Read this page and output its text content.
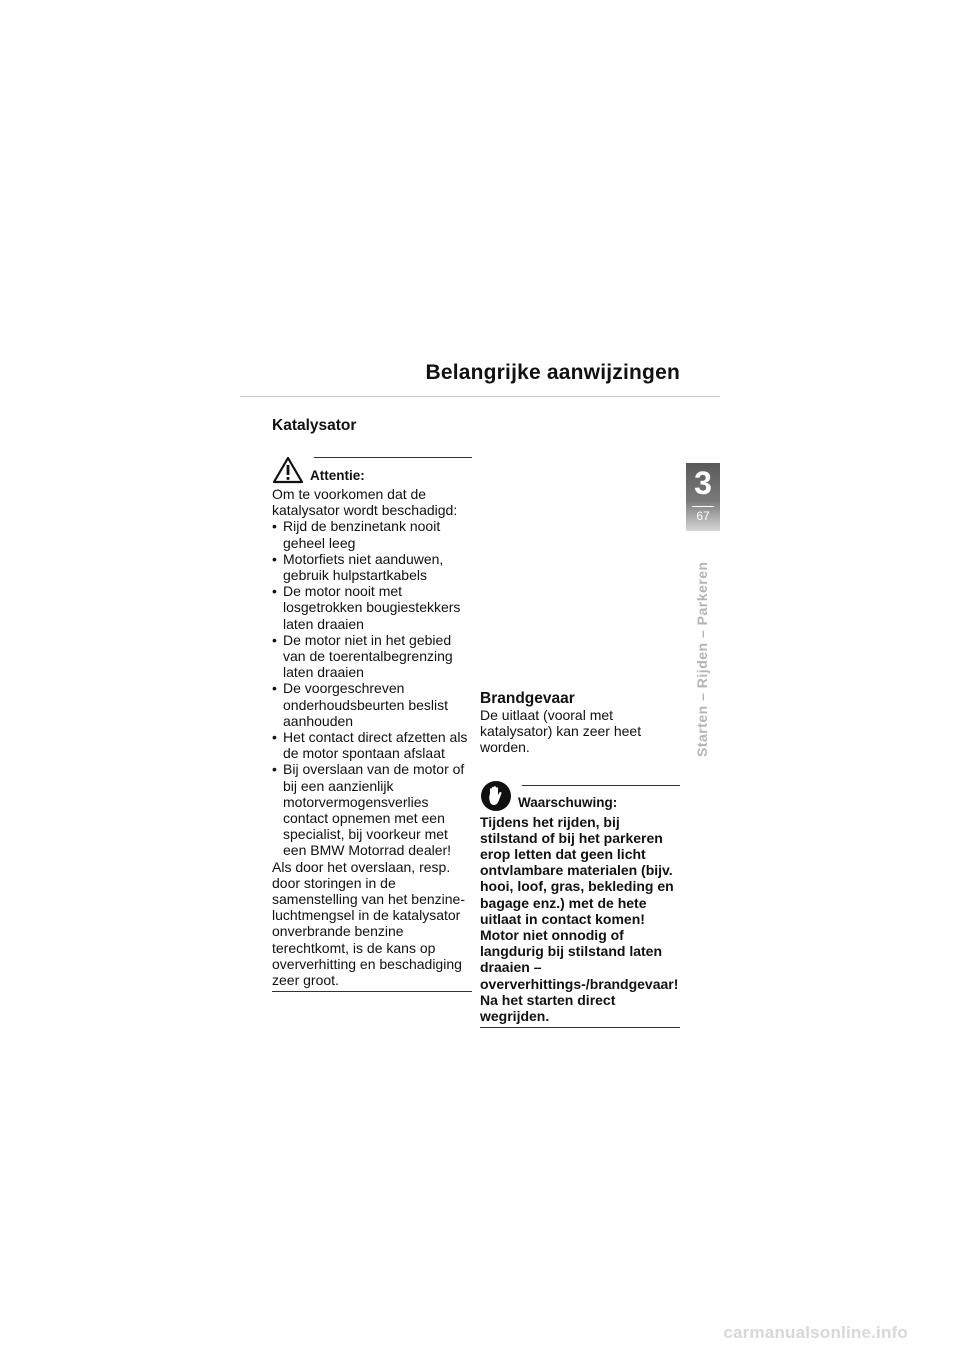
Belangrijke aanwijzingen
3
67
Starten – Rijden – Parkeren
Katalysator
Attentie:

Om te voorkomen dat de katalysator wordt beschadigd:

• Rijd de benzinetank nooit geheel leeg
• Motorfiets niet aanduwen, gebruik hulpstartkabels
• De motor nooit met losgetrokken bougiestekkers laten draaien
• De motor niet in het gebied van de toerentalbegrenzing laten draaien
• De voorgeschreven onderhoudsbeurten beslist aanhouden
• Het contact direct afzetten als de motor spontaan afslaat
• Bij overslaan van de motor of bij een aanzienlijk motorvermogensverlies contact opnemen met een specialist, bij voorkeur met een BMW Motorrad dealer!

Als door het overslaan, resp. door storingen in de samenstelling van het benzine-luchtmengsel in de katalysator onverbrande benzine terechtkomt, is de kans op oververhitting en beschadiging zeer groot.

Brandgevaar

De uitlaat (vooral met katalysator) kan zeer heet worden.

Waarschuwing:

Tijdens het rijden, bij stilstand of bij het parkeren erop letten dat geen licht ontvlambare materialen (bijv. hooi, loof, gras, bekleding en bagage enz.) met de hete uitlaat in contact komen!

Motor niet onnodig of langdurig bij stilstand laten draaien – oververhittings-/brandgevaar! Na het starten direct wegrijden.

carmanualsonline.info
